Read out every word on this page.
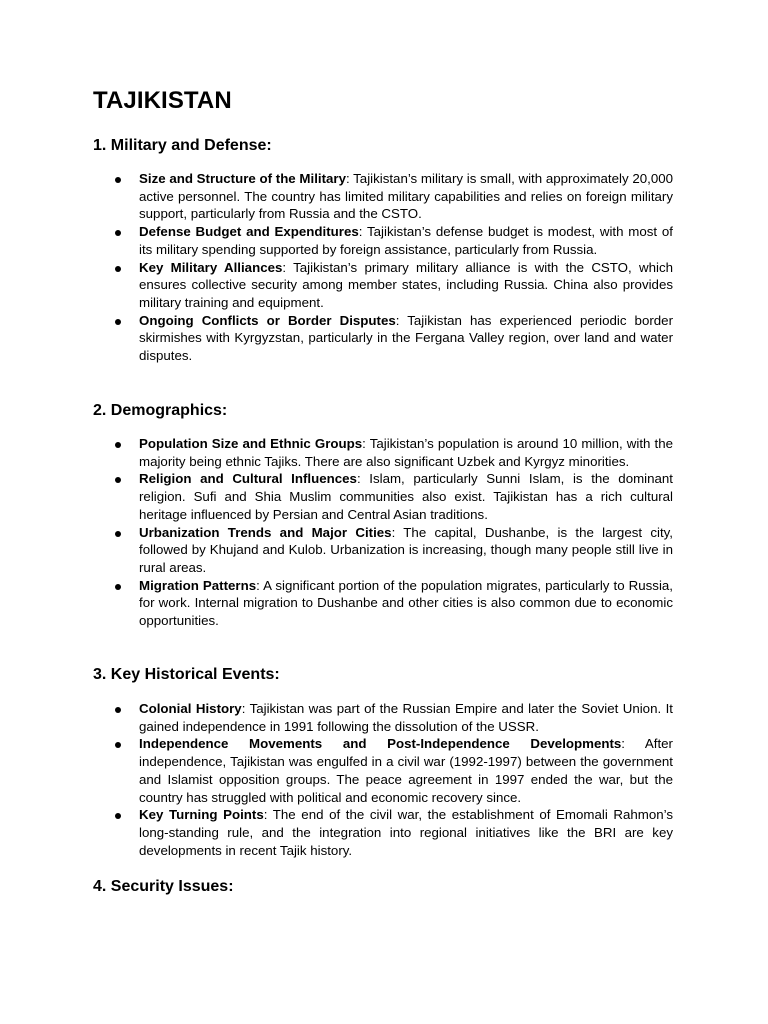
TAJIKISTAN
1. Military and Defense:
Size and Structure of the Military: Tajikistan’s military is small, with approximately 20,000 active personnel. The country has limited military capabilities and relies on foreign military support, particularly from Russia and the CSTO.
Defense Budget and Expenditures: Tajikistan’s defense budget is modest, with most of its military spending supported by foreign assistance, particularly from Russia.
Key Military Alliances: Tajikistan’s primary military alliance is with the CSTO, which ensures collective security among member states, including Russia. China also provides military training and equipment.
Ongoing Conflicts or Border Disputes: Tajikistan has experienced periodic border skirmishes with Kyrgyzstan, particularly in the Fergana Valley region, over land and water disputes.
2. Demographics:
Population Size and Ethnic Groups: Tajikistan’s population is around 10 million, with the majority being ethnic Tajiks. There are also significant Uzbek and Kyrgyz minorities.
Religion and Cultural Influences: Islam, particularly Sunni Islam, is the dominant religion. Sufi and Shia Muslim communities also exist. Tajikistan has a rich cultural heritage influenced by Persian and Central Asian traditions.
Urbanization Trends and Major Cities: The capital, Dushanbe, is the largest city, followed by Khujand and Kulob. Urbanization is increasing, though many people still live in rural areas.
Migration Patterns: A significant portion of the population migrates, particularly to Russia, for work. Internal migration to Dushanbe and other cities is also common due to economic opportunities.
3. Key Historical Events:
Colonial History: Tajikistan was part of the Russian Empire and later the Soviet Union. It gained independence in 1991 following the dissolution of the USSR.
Independence Movements and Post-Independence Developments: After independence, Tajikistan was engulfed in a civil war (1992-1997) between the government and Islamist opposition groups. The peace agreement in 1997 ended the war, but the country has struggled with political and economic recovery since.
Key Turning Points: The end of the civil war, the establishment of Emomali Rahmon’s long-standing rule, and the integration into regional initiatives like the BRI are key developments in recent Tajik history.
4. Security Issues:
